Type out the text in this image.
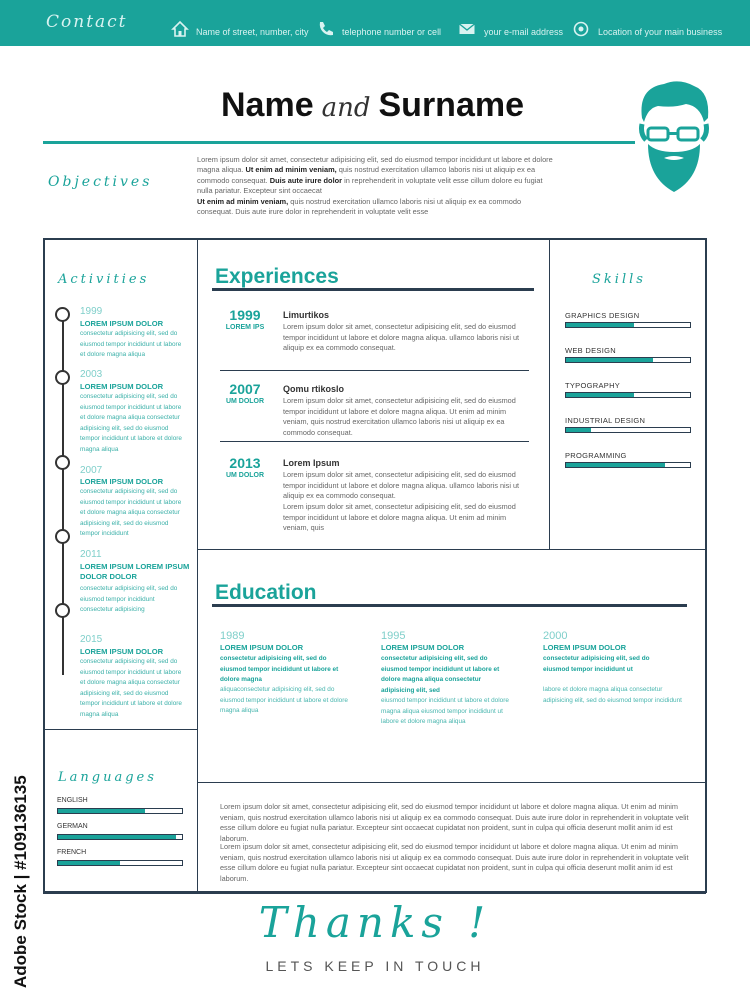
Contact	Name of street, number, city	telephone number or cell	your e-mail address	Location of your main business
Name and Surname
Objectives
Lorem ipsum dolor sit amet, consectetur adipisicing elit, sed do eiusmod tempor incididunt ut labore et dolore magna aliqua. Ut enim ad minim veniam, quis nostrud exercitation ullamco laboris nisi ut aliquip ex ea commodo consequat. Duis aute irure dolor in reprehenderit in voluptate velit esse cillum dolore eu fugiat nulla pariatur. Excepteur sint occaecat
Ut enim ad minim veniam, quis nostrud exercitation ullamco laboris nisi ut aliquip ex ea commodo consequat. Duis aute irure dolor in reprehenderit in voluptate velit esse
Activities
1999
LOREM IPSUM DOLOR
consectetur adipisicing elit, sed do eiusmod tempor incididunt ut labore et dolore magna aliqua
2003
LOREM IPSUM DOLOR
consectetur adipisicing elit, sed do eiusmod tempor incididunt ut labore et dolore magna aliqua consectetur adipisicing elit, sed do eiusmod tempor incididunt ut labore et dolore magna aliqua
2007
LOREM IPSUM DOLOR
consectetur adipisicing elit, sed do eiusmod tempor incididunt ut labore et dolore magna aliqua consectetur adipisicing elit, sed do eiusmod tempor incididunt
2011
LOREM IPSUM LOREM IPSUM DOLOR DOLOR
consectetur adipisicing elit, sed do eiusmod tempor incididunt consectetur adipisicing
2015
LOREM IPSUM DOLOR
consectetur adipisicing elit, sed do eiusmod tempor incididunt ut labore et dolore magna aliqua consectetur adipisicing elit, sed do eiusmod tempor incididunt ut labore et dolore magna aliqua
Languages
ENGLISH
GERMAN
FRENCH
Experiences
1999
LOREM IPS
Limurtikos
Lorem ipsum dolor sit amet, consectetur adipisicing elit, sed do eiusmod tempor incididunt ut labore et dolore magna aliqua. ullamco laboris nisi ut aliquip ex ea commodo consequat.
2007
UM DOLOR
Qomu rtikoslo
Lorem ipsum dolor sit amet, consectetur adipisicing elit, sed do eiusmod tempor incididunt ut labore et dolore magna aliqua. Ut enim ad minim veniam, quis nostrud exercitation ullamco laboris nisi ut aliquip ex ea commodo consequat.
2013
UM DOLOR
Lorem Ipsum
Lorem ipsum dolor sit amet, consectetur adipisicing elit, sed do eiusmod tempor incididunt ut labore et dolore magna aliqua. ullamco laboris nisi ut aliquip ex ea commodo consequat.
Lorem ipsum dolor sit amet, consectetur adipisicing elit, sed do eiusmod tempor incididunt ut labore et dolore magna aliqua. Ut enim ad minim veniam, quis
Skills
GRAPHICS DESIGN
WEB DESIGN
TYPOGRAPHY
INDUSTRIAL DESIGN
PROGRAMMING
Education
1989
LOREM IPSUM DOLOR
consectetur adipisicing elit, sed do eiusmod tempor incididunt ut labore et dolore magna
aliquaconsectetur adipisicing elit, sed do eiusmod tempor incididunt ut labore et dolore magna aliqua
1995
LOREM IPSUM DOLOR
consectetur adipisicing elit, sed do eiusmod tempor incididunt ut labore et dolore magna aliqua consectetur adipisicing elit, sed
eiusmod tempor incididunt ut labore et dolore magna aliqua eiusmod tempor incididunt ut labore et dolore magna aliqua
2000
LOREM IPSUM DOLOR
consectetur adipisicing elit, sed do eiusmod tempor incididunt ut
labore et dolore magna aliqua consectetur adipisicing elit, sed do eiusmod tempor incididunt
Lorem ipsum dolor sit amet, consectetur adipisicing elit, sed do eiusmod tempor incididunt ut labore et dolore magna aliqua. Ut enim ad minim veniam, quis nostrud exercitation ullamco laboris nisi ut aliquip ex ea commodo consequat. Duis aute irure dolor in reprehenderit in voluptate velit esse cillum dolore eu fugiat nulla pariatur. Excepteur sint occaecat cupidatat non proident, sunt in culpa qui officia deserunt mollit anim id est laborum.
Lorem ipsum dolor sit amet, consectetur adipisicing elit, sed do eiusmod tempor incididunt ut labore et dolore magna aliqua. Ut enim ad minim veniam, quis nostrud exercitation ullamco laboris nisi ut aliquip ex ea commodo consequat. Duis aute irure dolor in reprehenderit in voluptate velit esse cillum dolore eu fugiat nulla pariatur. Excepteur sint occaecat cupidatat non proident, sunt in culpa qui officia deserunt mollit anim id est laborum.
Thanks !
LETS KEEP IN TOUCH
Adobe Stock | #109136135
